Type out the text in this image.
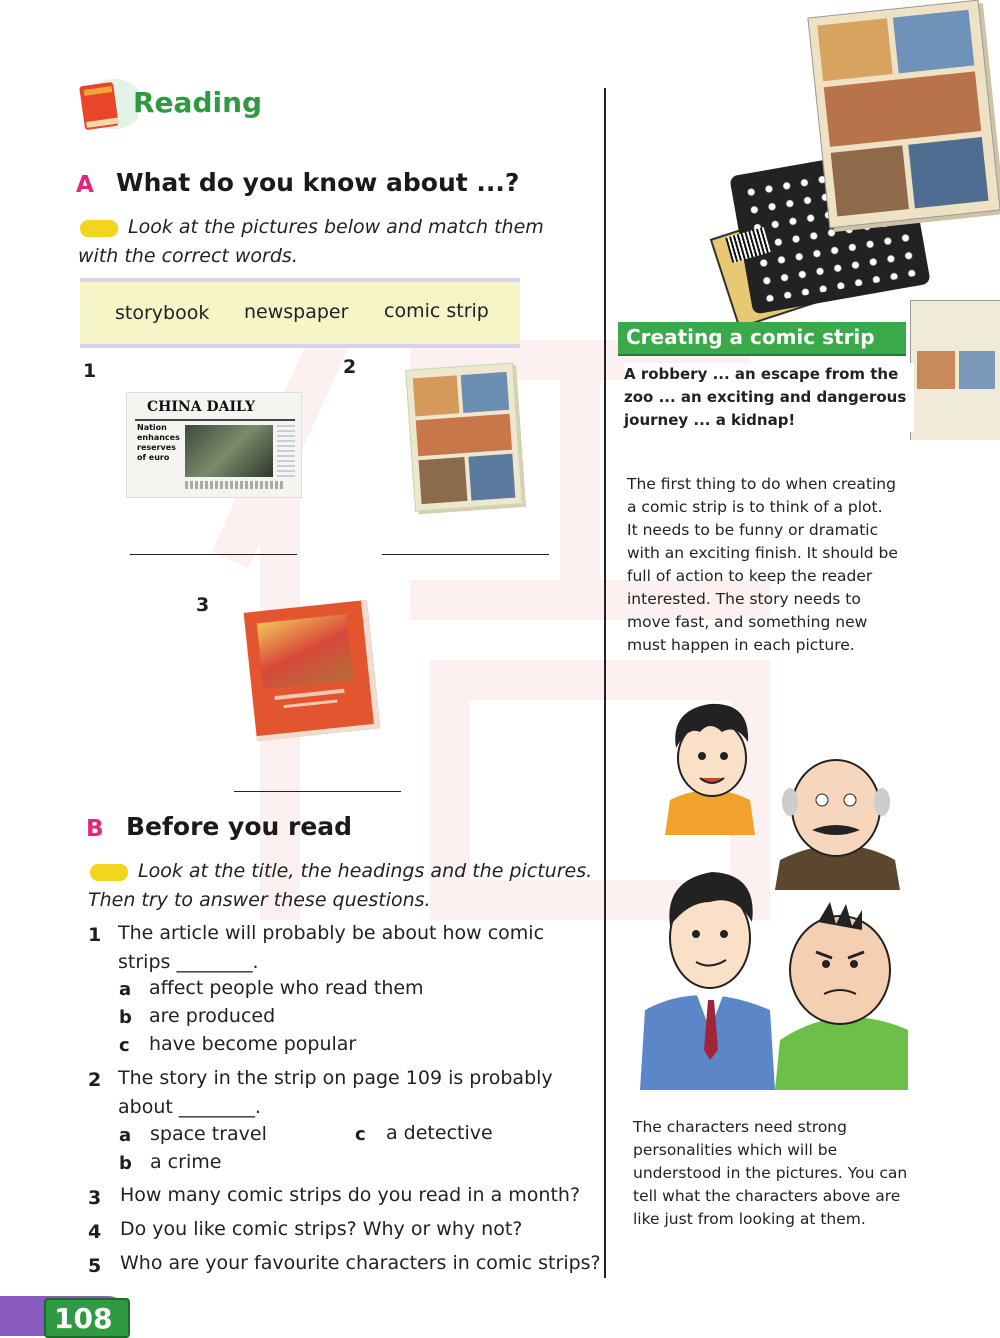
Reading
A What do you know about ...?
Look at the pictures below and match them
with the correct words.
storybook newspaper comic strip
1
CHINA DAILY
Nation
enhances
reserves
of euro
2
3
B Before you read
Look at the title, the headings and the pictures.
Then try to answer these questions.
1 The article will probably be about how comic
strips ________.
a affect people who read them
b are produced
c have become popular
2 The story in the strip on page 109 is probably
about ________.
a space travel
b a crime
c a detective
3 How many comic strips do you read in a month?
4 Do you like comic strips? Why or why not?
5 Who are your favourite characters in comic strips?
108
Creating a comic strip
A robbery ... an escape from the
zoo ... an exciting and dangerous
journey ... a kidnap!
The first thing to do when creating
a comic strip is to think of a plot.
It needs to be funny or dramatic
with an exciting finish. It should be
full of action to keep the reader
interested. The story needs to
move fast, and something new
must happen in each picture.
The characters need strong
personalities which will be
understood in the pictures. You can
tell what the characters above are
like just from looking at them.
